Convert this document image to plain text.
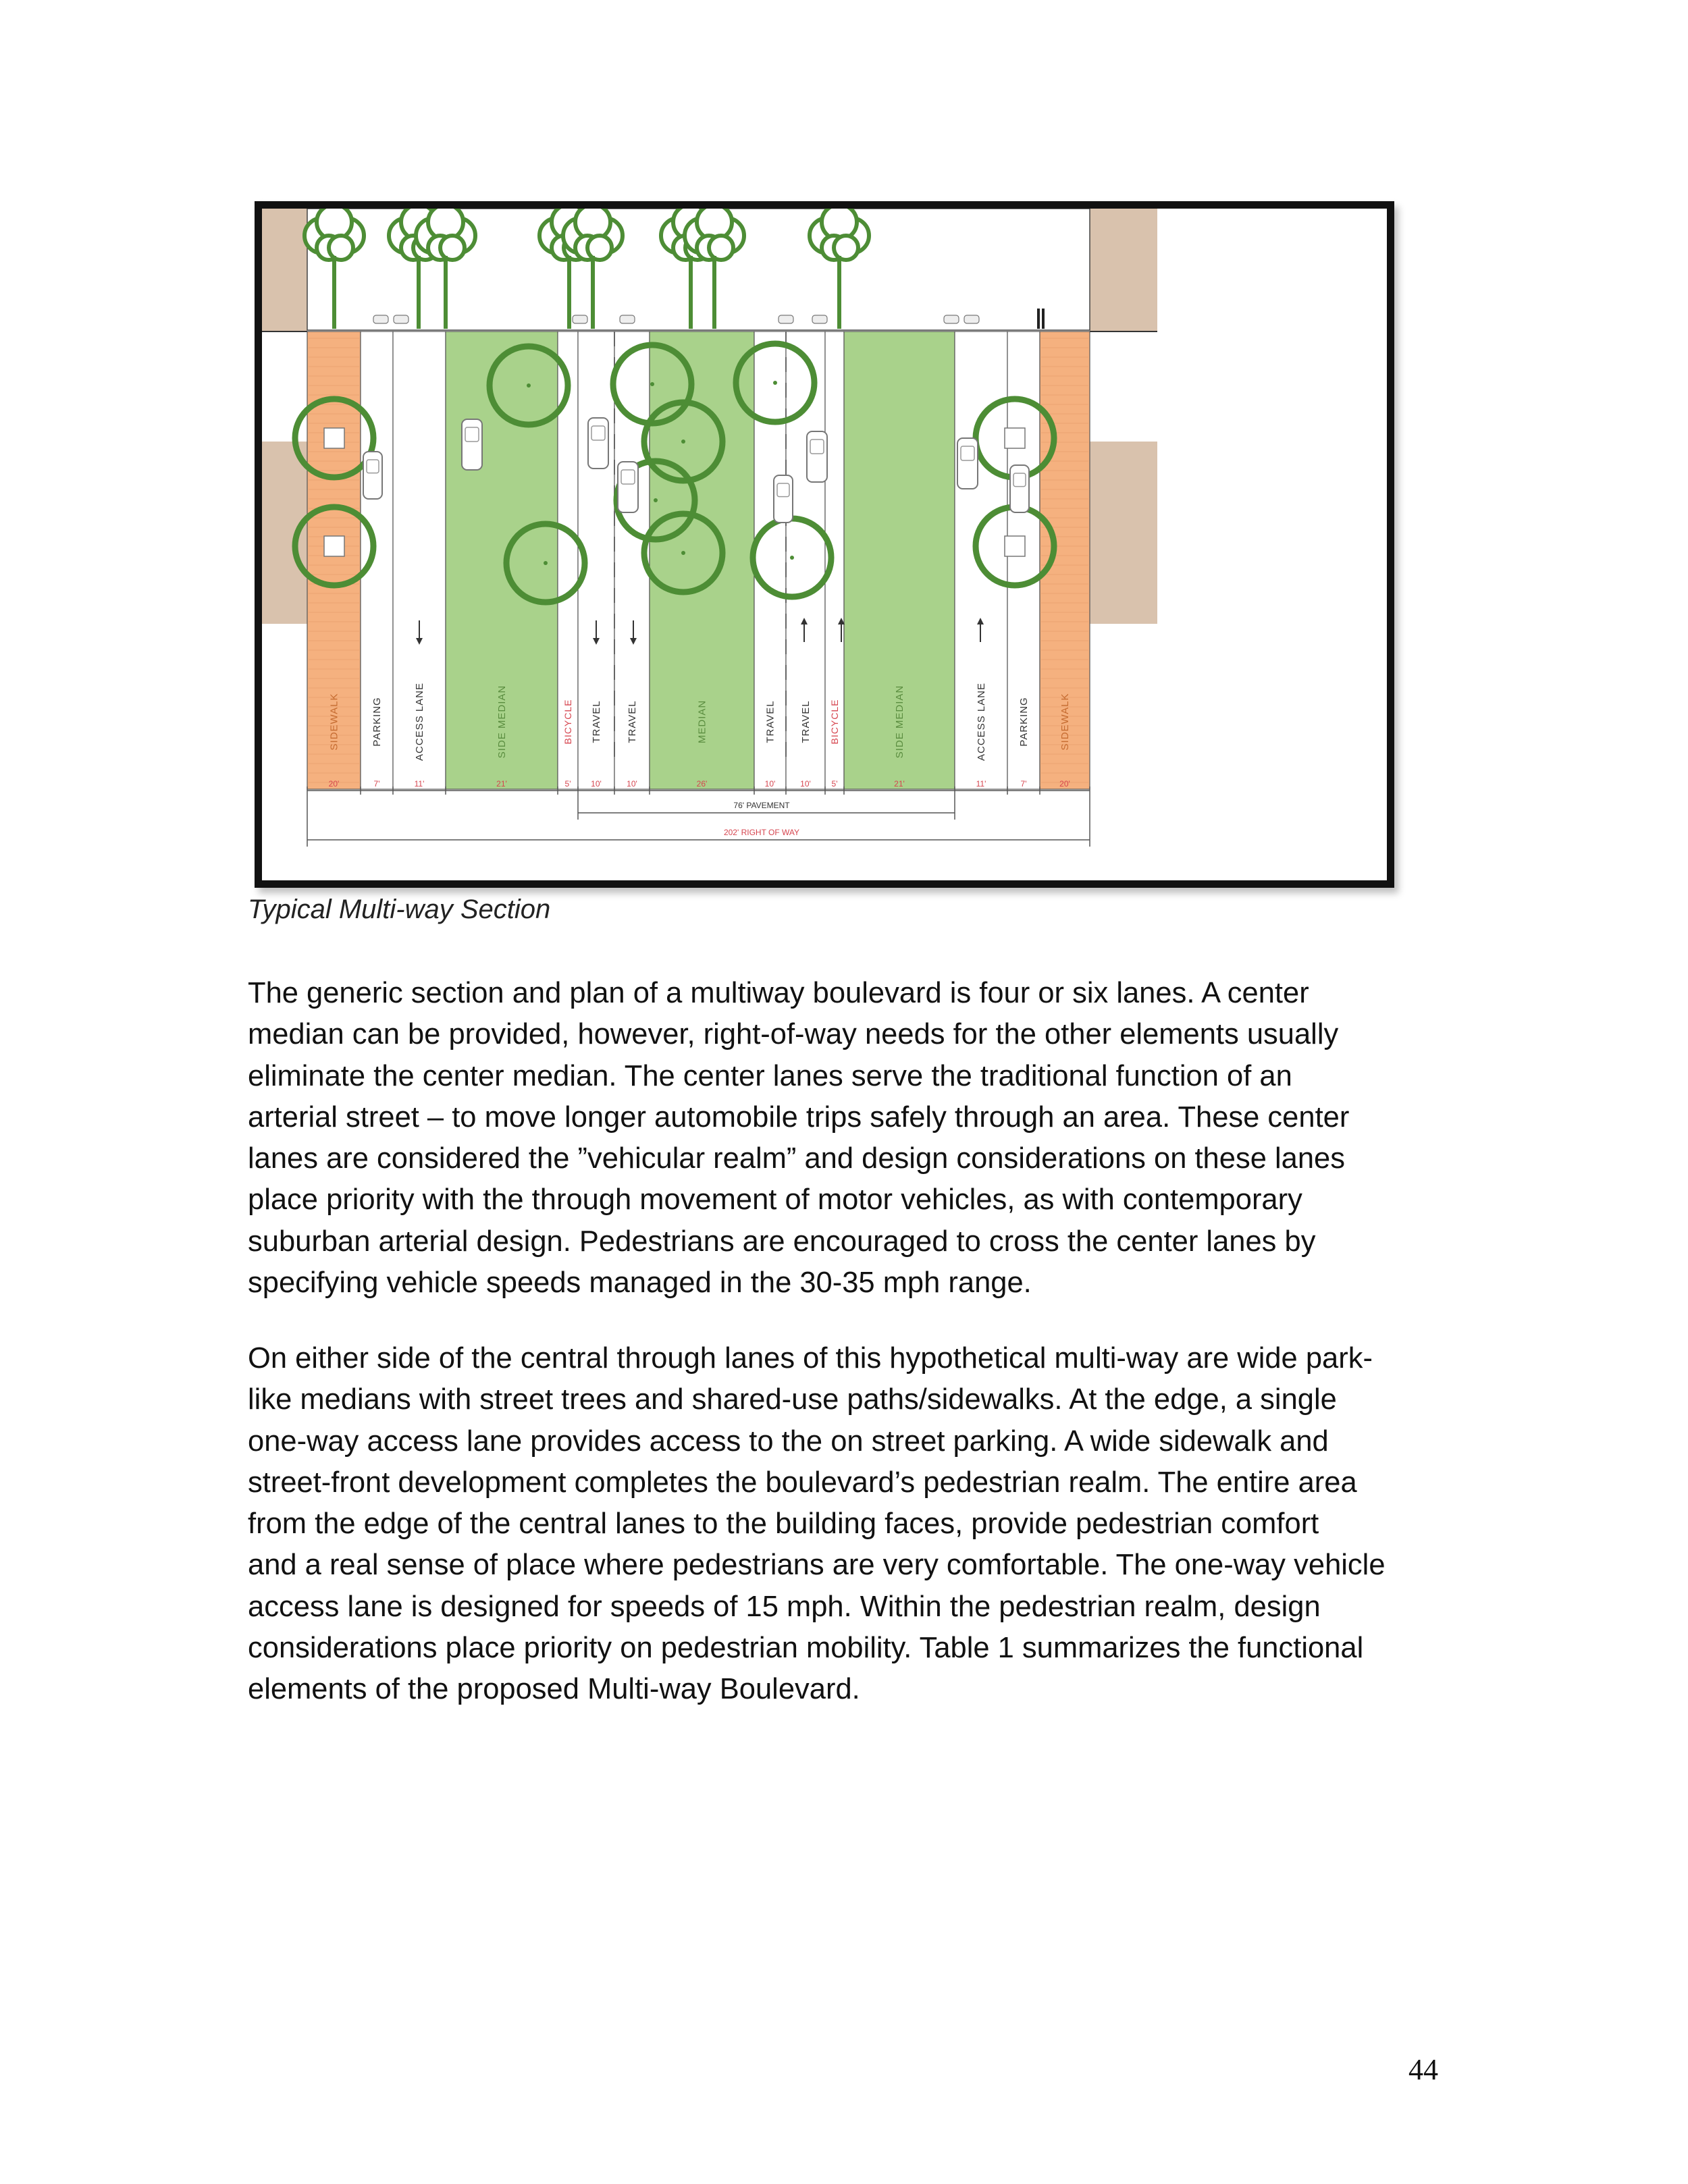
SIDEWALK	PARKING	ACCESS LANE	SIDE MEDIAN	BICYCLE TRAVEL TRAVEL	MEDIAN	TRAVEL TRAVEL BICYCLE	SIDE MEDIAN	ACCESS LANE	PARKING	SIDEWALK
20'	7'	11'	21'	5' 10'	10'	26'	10'	10'	5'	21'	11'	7'	20'
76' PAVEMENT
202' RIGHT OF WAY
Typical Multi-way Section

The generic section and plan of a multiway boulevard is four or six lanes. A center
median can be provided, however, right-of-way needs for the other elements usually
eliminate the center median. The center lanes serve the traditional function of an
arterial street – to move longer automobile trips safely through an area. These center
lanes are considered the ”vehicular realm” and design considerations on these lanes
place priority with the through movement of motor vehicles, as with contemporary
suburban arterial design. Pedestrians are encouraged to cross the center lanes by
specifying vehicle speeds managed in the 30-35 mph range.

On either side of the central through lanes of this hypothetical multi-way are wide park-
like medians with street trees and shared-use paths/sidewalks. At the edge, a single
one-way access lane provides access to the on street parking. A wide sidewalk and
street-front development completes the boulevard’s pedestrian realm. The entire area
from the edge of the central lanes to the building faces, provide pedestrian comfort
and a real sense of place where pedestrians are very comfortable. The one-way vehicle
access lane is designed for speeds of 15 mph. Within the pedestrian realm, design
considerations place priority on pedestrian mobility. Table 1 summarizes the functional
elements of the proposed Multi-way Boulevard.

44
